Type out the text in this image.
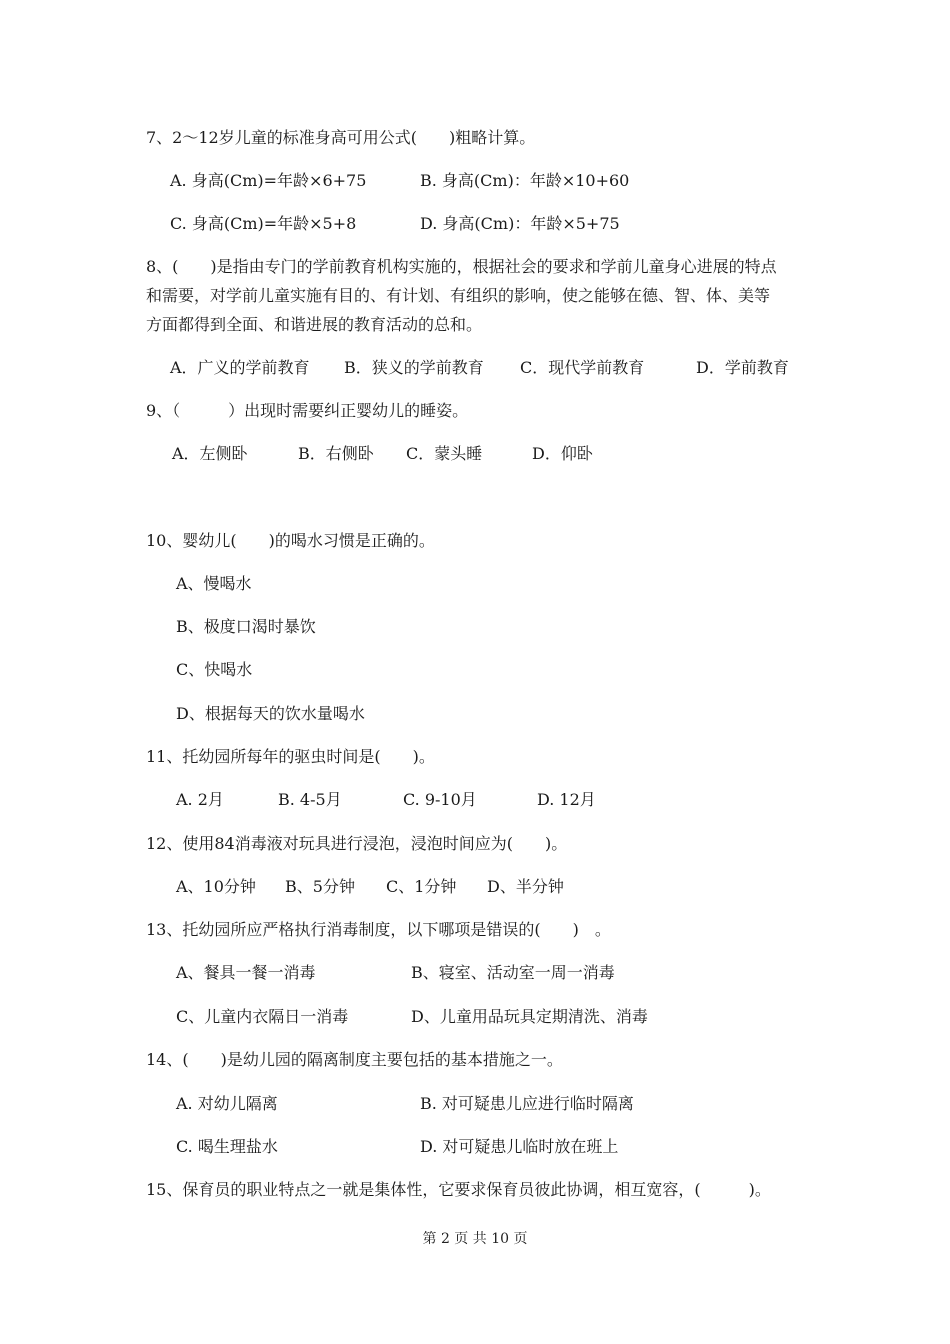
7、2～12岁儿童的标准身高可用公式(　　)粗略计算。
A. 身高(Cm)=年龄×6+75	B. 身高(Cm)：年龄×10+60
C. 身高(Cm)=年龄×5+8	D. 身高(Cm)：年龄×5+75
8、(　　)是指由专门的学前教育机构实施的，根据社会的要求和学前儿童身心进展的特点
和需要，对学前儿童实施有目的、有计划、有组织的影响，使之能够在德、智、体、美等
方面都得到全面、和谐进展的教育活动的总和。
A．广义的学前教育 B．狭义的学前教育 C．现代学前教育	D．学前教育
9、（　　　）出现时需要纠正婴幼儿的睡姿。
A．左侧卧	B．右侧卧 C．蒙头睡	D．仰卧
10、婴幼儿(　　)的喝水习惯是正确的。
A、慢喝水
B、极度口渴时暴饮
C、快喝水
D、根据每天的饮水量喝水
11、托幼园所每年的驱虫时间是(　　)。
A. 2月	B. 4-5月	C. 9-10月	D. 12月
12、使用84消毒液对玩具进行浸泡，浸泡时间应为(　　)。
A、10分钟 B、5分钟 C、1分钟 D、半分钟
13、托幼园所应严格执行消毒制度，以下哪项是错误的(　　)　。
A、餐具一餐一消毒	B、寝室、活动室一周一消毒
C、儿童内衣隔日一消毒	D、儿童用品玩具定期清洗、消毒
14、(　　)是幼儿园的隔离制度主要包括的基本措施之一。
A. 对幼儿隔离	B. 对可疑患儿应进行临时隔离
C. 喝生理盐水	D. 对可疑患儿临时放在班上
15、保育员的职业特点之一就是集体性，它要求保育员彼此协调，相互宽容，(　　　)。
第 2 页 共 10 页
